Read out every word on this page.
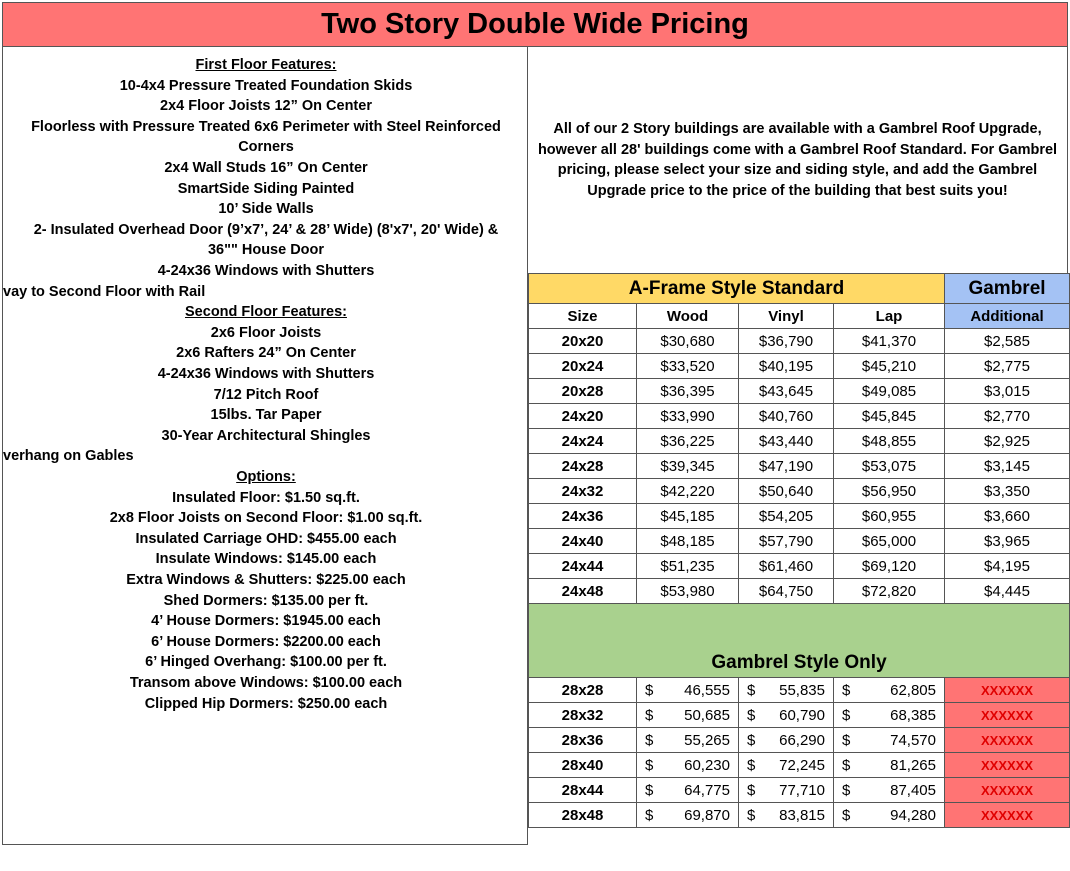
Two Story Double Wide Pricing
First Floor Features:
10-4x4 Pressure Treated Foundation Skids
2x4 Floor Joists 12” On Center
Floorless with Pressure Treated 6x6 Perimeter with Steel Reinforced
Corners
2x4 Wall Studs 16” On Center
SmartSide Siding Painted
10’ Side Walls
2- Insulated Overhead Door (9’x7’, 24’ & 28’ Wide) (8'x7', 20' Wide) &
36"" House Door
4-24x36 Windows with Shutters
vay to Second Floor with Rail
Second Floor Features:
2x6 Floor Joists
2x6 Rafters 24” On Center
4-24x36 Windows with Shutters
7/12 Pitch Roof
15lbs. Tar Paper
30-Year Architectural Shingles
verhang on Gables
Options:
Insulated Floor: $1.50 sq.ft.
2x8 Floor Joists on Second Floor: $1.00 sq.ft.
Insulated Carriage OHD: $455.00 each
Insulate Windows: $145.00 each
Extra Windows & Shutters: $225.00 each
Shed Dormers: $135.00 per ft.
4’ House Dormers: $1945.00 each
6’ House Dormers: $2200.00 each
6’ Hinged Overhang: $100.00 per ft.
Transom above Windows: $100.00 each
Clipped Hip Dormers: $250.00 each
All of our 2 Story buildings are available with a Gambrel Roof Upgrade, however all 28' buildings come with a Gambrel Roof Standard. For Gambrel pricing, please select your size and siding style, and add the Gambrel Upgrade price to the price of the building that best suits you!
A-Frame Style Standard				Gambrel
Size	Wood	Vinyl	Lap	Additional
20x20	$30,680	$36,790	$41,370	$2,585
20x24	$33,520	$40,195	$45,210	$2,775
20x28	$36,395	$43,645	$49,085	$3,015
24x20	$33,990	$40,760	$45,845	$2,770
24x24	$36,225	$43,440	$48,855	$2,925
24x28	$39,345	$47,190	$53,075	$3,145
24x32	$42,220	$50,640	$56,950	$3,350
24x36	$45,185	$54,205	$60,955	$3,660
24x40	$48,185	$57,790	$65,000	$3,965
24x44	$51,235	$61,460	$69,120	$4,195
24x48	$53,980	$64,750	$72,820	$4,445
Gambrel Style Only				
28x28	$ 46,555	$ 55,835	$ 62,805	XXXXXX
28x32	$ 50,685	$ 60,790	$ 68,385	XXXXXX
28x36	$ 55,265	$ 66,290	$ 74,570	XXXXXX
28x40	$ 60,230	$ 72,245	$ 81,265	XXXXXX
28x44	$ 64,775	$ 77,710	$ 87,405	XXXXXX
28x48	$ 69,870	$ 83,815	$ 94,280	XXXXXX
